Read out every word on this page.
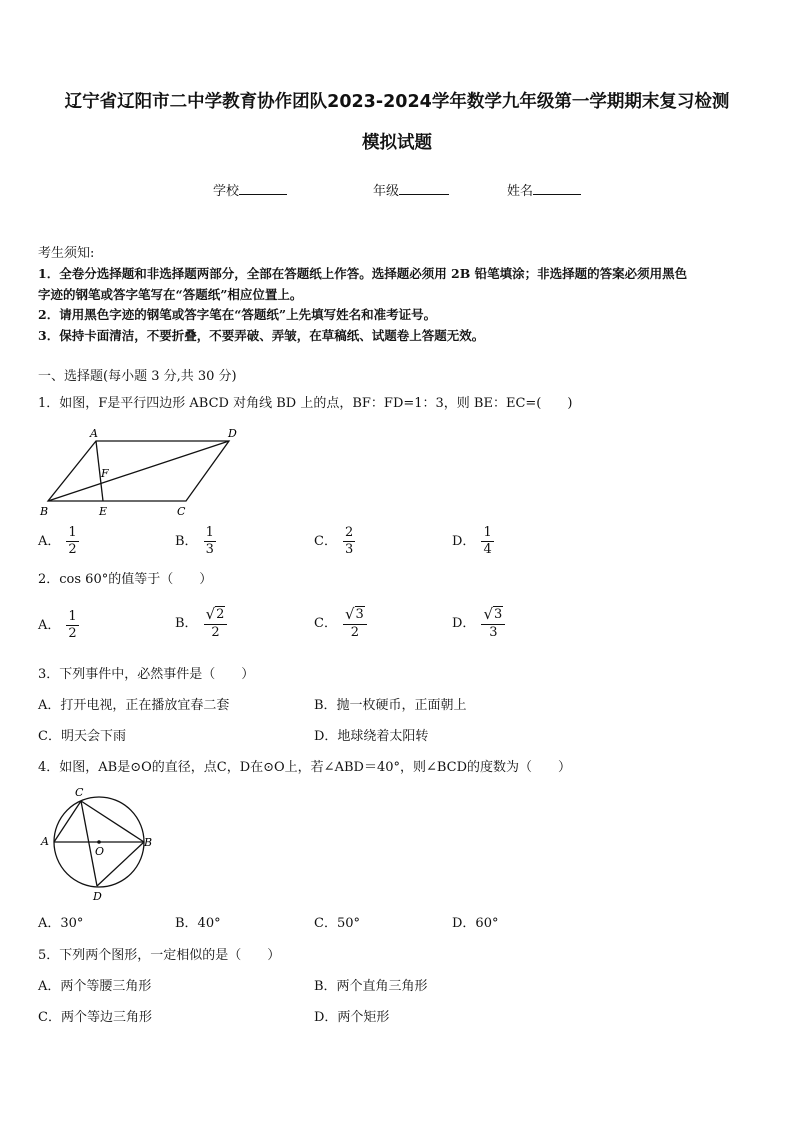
辽宁省辽阳市二中学教育协作团队2023-2024学年数学九年级第一学期期末复习检测
模拟试题
学校	年级	姓名
考生须知:
1．全卷分选择题和非选择题两部分，全部在答题纸上作答。选择题必须用 2B 铅笔填涂；非选择题的答案必须用黑色
字迹的钢笔或答字笔写在“答题纸”相应位置上。
2．请用黑色字迹的钢笔或答字笔在“答题纸”上先填写姓名和准考证号。
3．保持卡面清洁，不要折叠，不要弄破、弄皱，在草稿纸、试题卷上答题无效。
一、选择题(每小题 3 分,共 30 分)
1．如图，F是平行四边形 ABCD 对角线 BD 上的点，BF：FD=1：3，则 BE：EC=(　　)
A	D
F
B	E	C
A． $\frac{1}{2}$	B． $\frac{1}{3}$	C． $\frac{2}{3}$	D． $\frac{1}{4}$
2．cos 60°的值等于（　　）
A． $\frac{1}{2}$	B． $\frac{√ 2}{2}$	C． $\frac{√ 3}{2}$	D． $\frac{√ 3}{3}$
3．下列事件中，必然事件是（　　）
A．打开电视，正在播放宜春二套	B．抛一枚硬币，正面朝上
C．明天会下雨	D．地球绕着太阳转
4．如图，AB是⊙O的直径，点C，D在⊙O上，若∠ABD＝40°，则∠BCD的度数为（　　）
C
A
O
B
D
A．30°	B．40°	C．50°	D．60°
5．下列两个图形，一定相似的是（　　）
A．两个等腰三角形	B．两个直角三角形
C．两个等边三角形	D．两个矩形
